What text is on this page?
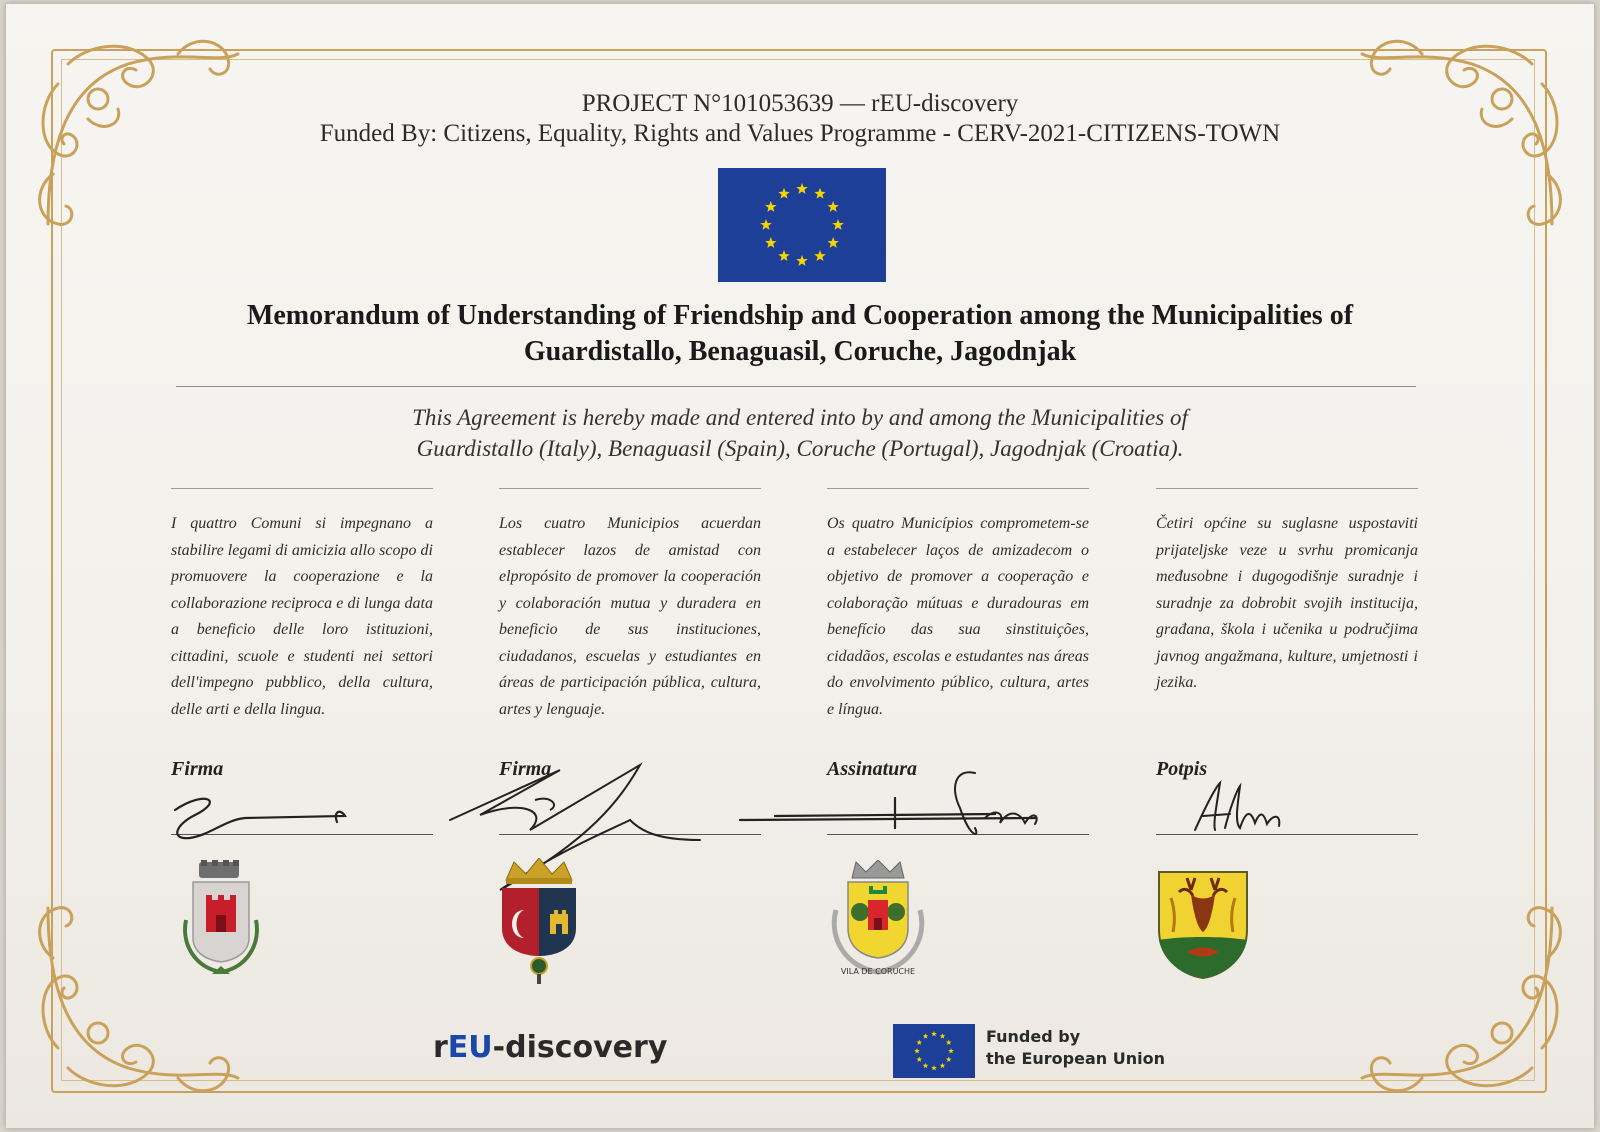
PROJECT N°101053639 — rEU-discovery
Funded By: Citizens, Equality, Rights and Values Programme - CERV-2021-CITIZENS-TOWN
Memorandum of Understanding of Friendship and Cooperation among the Municipalities of
Guardistallo, Benaguasil, Coruche, Jagodnjak
This Agreement is hereby made and entered into by and among the Municipalities of
Guardistallo (Italy), Benaguasil (Spain), Coruche (Portugal), Jagodnjak (Croatia).
I quattro Comuni si impegnano a stabilire legami di amicizia allo scopo di promuovere la cooperazione e la collaborazione reciproca e di lunga data a beneficio delle loro istituzioni, cittadini, scuole e studenti nei settori dell'impegno pubblico, della cultura, delle arti e della lingua.
Firma
Los cuatro Municipios acuerdan establecer lazos de amistad con elpropósito de promover la cooperación y colaboración mutua y duradera en beneficio de sus instituciones, ciudadanos, escuelas y estudiantes en áreas de participación pública, cultura, artes y lenguaje.
Firma
Os quatro Municípios comprometem-se a estabelecer laços de amizadecom o objetivo de promover a cooperação e colaboração mútuas e duradouras em benefício das sua sinstituições, cidadãos, escolas e estudantes nas áreas do envolvimento público, cultura, artes e língua.
Assinatura
Četiri općine su suglasne uspostaviti prijateljske veze u svrhu promicanja međusobne i dugogodišnje suradnje i suradnje za dobrobit svojih institucija, građana, škola i učenika u područjima javnog angažmana, kulture, umjetnosti i jezika.
Potpis
VILA DE CORUCHE
rEU-discovery	Funded by
the European Union
